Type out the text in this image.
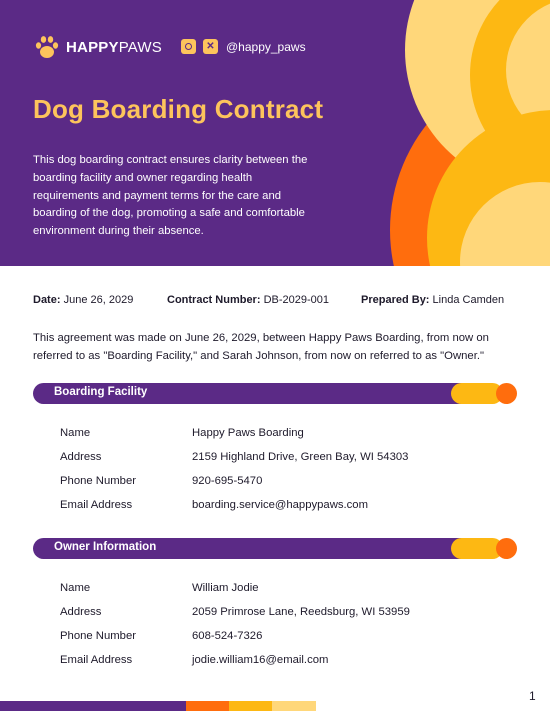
HAPPYPAWS	✕ @happy_paws
Dog Boarding Contract
This dog boarding contract ensures clarity between the boarding facility and owner regarding health requirements and payment terms for the care and boarding of the dog, promoting a safe and comfortable environment during their absence.
Date: June 26, 2029	Contract Number: DB-2029-001	Prepared By: Linda Camden
This agreement was made on June 26, 2029, between Happy Paws Boarding, from now on referred to as "Boarding Facility," and Sarah Johnson, from now on referred to as "Owner."
Boarding Facility
Name	Happy Paws Boarding
Address	2159 Highland Drive, Green Bay, WI 54303
Phone Number	920-695-5470
Email Address	boarding.service@happypaws.com
Owner Information
Name	William Jodie
Address	2059 Primrose Lane, Reedsburg, WI 53959
Phone Number	608-524-7326
Email Address	jodie.william16@email.com
1
